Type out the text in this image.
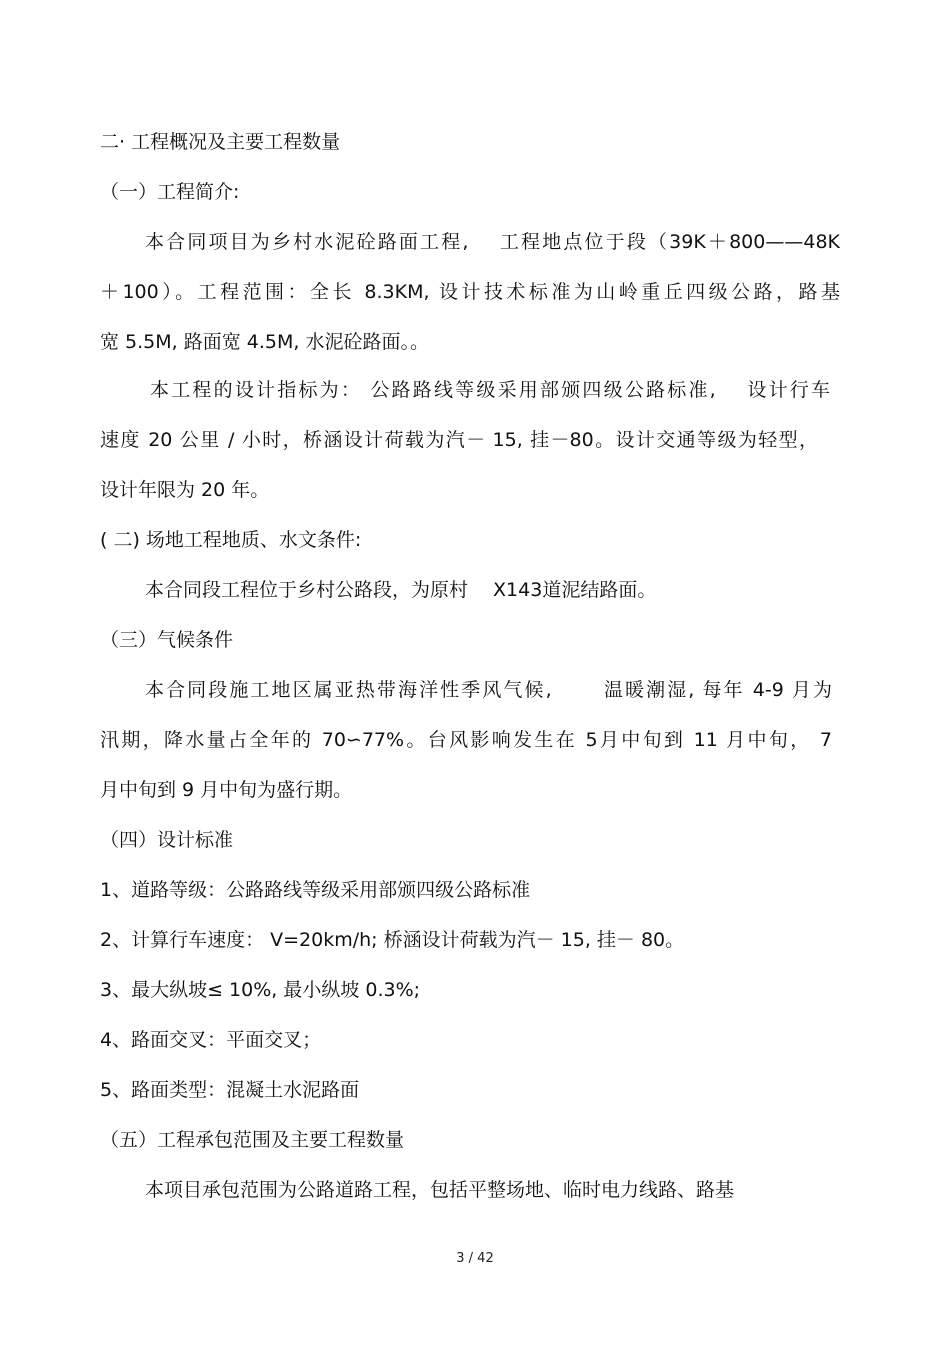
二· 工程概况及主要工程数量
（一）工程简介:
本合同项目为乡村水泥砼路面工程,　 工程地点位于段（39K＋800——48K
＋100）。工程范围：全长 8.3KM, 设计技术标准为山岭重丘四级公路，路基
宽 5.5M, 路面宽 4.5M, 水泥砼路面。。
本工程的设计指标为： 公路路线等级采用部颁四级公路标准,　 设计行车
速度 20 公里 / 小时，桥涵设计荷载为汽－ 15, 挂－80。设计交通等级为轻型，
设计年限为 20 年。
( 二) 场地工程地质、水文条件:
本合同段工程位于乡村公路段，为原村　 X143道泥结路面。
（三）气候条件
本合同段施工地区属亚热带海洋性季风气候,　　 温暖潮湿, 每年 4-9 月为
汛期，降水量占全年的 70∽77%。台风影响发生在 5月中旬到 11 月中旬， 7
月中旬到 9 月中旬为盛行期。
（四）设计标准
1、道路等级：公路路线等级采用部颁四级公路标准
2、计算行车速度： V=20km/h; 桥涵设计荷载为汽－ 15, 挂－ 80。
3、最大纵坡≤ 10%, 最小纵坡 0.3%;
4、路面交叉：平面交叉；
5、路面类型：混凝土水泥路面
（五）工程承包范围及主要工程数量
本项目承包范围为公路道路工程，包括平整场地、临时电力线路、路基
3 / 42
